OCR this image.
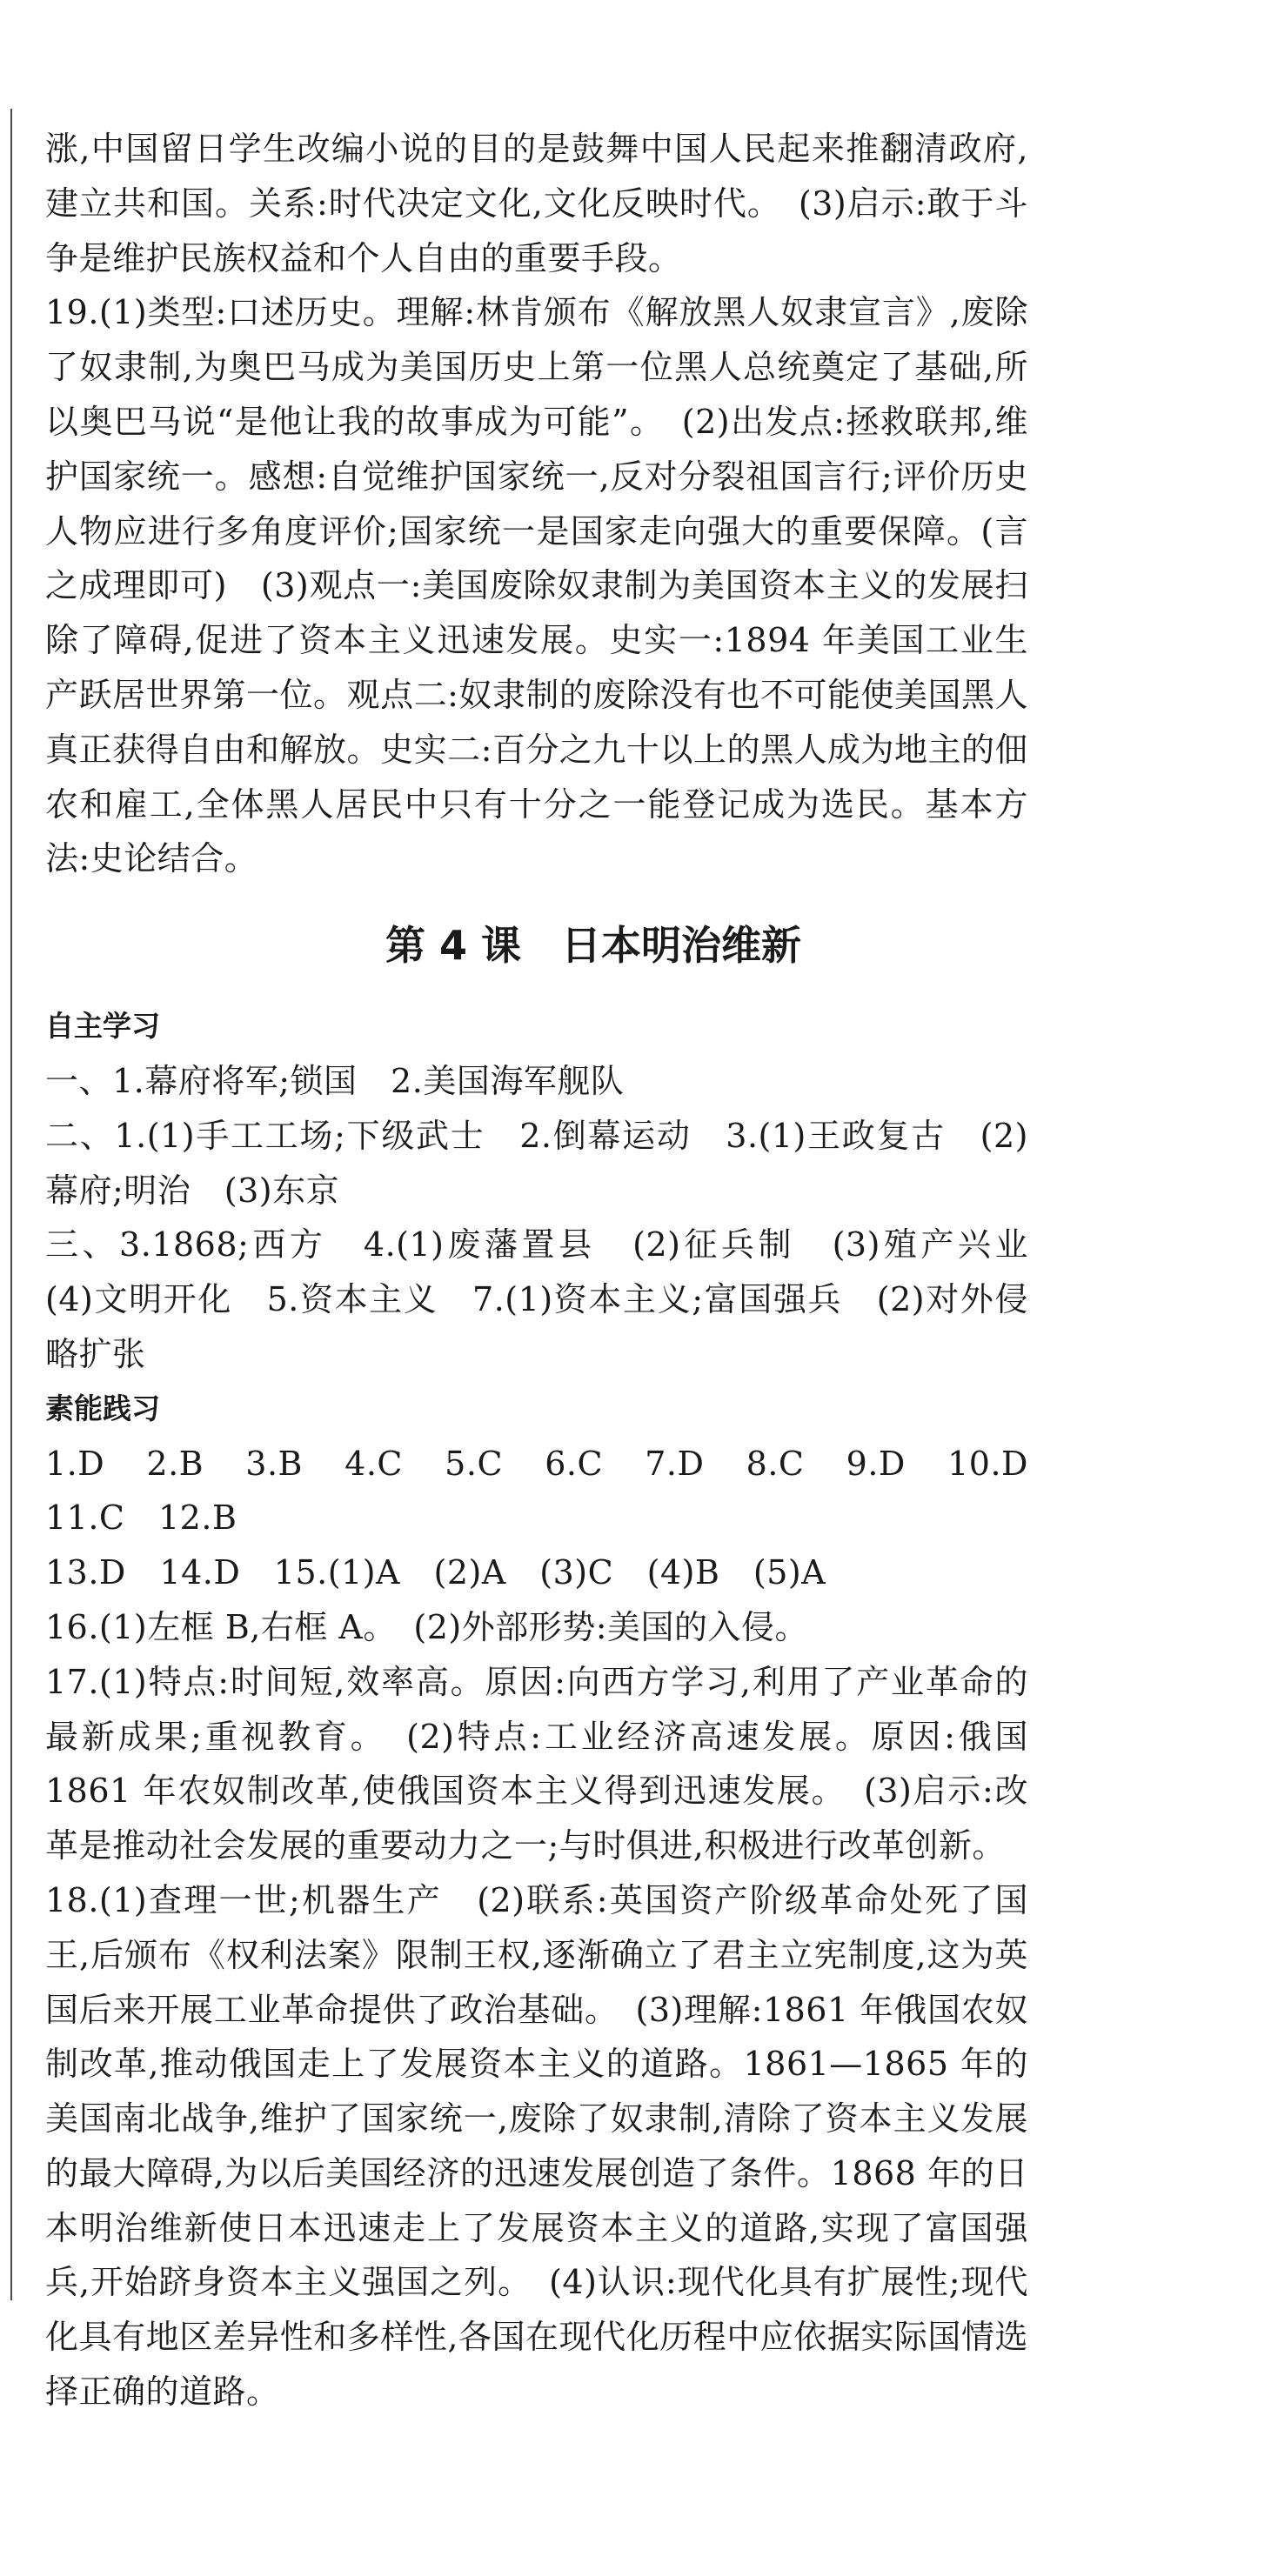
涨,中国留日学生改编小说的目的是鼓舞中国人民起来推翻清政府,建立共和国。关系:时代决定文化,文化反映时代。　(3)启示:敢于斗争是维护民族权益和个人自由的重要手段。

19.(1)类型:口述历史。理解:林肯颁布《解放黑人奴隶宣言》,废除了奴隶制,为奥巴马成为美国历史上第一位黑人总统奠定了基础,所以奥巴马说“是他让我的故事成为可能”。　(2)出发点:拯救联邦,维护国家统一。感想:自觉维护国家统一,反对分裂祖国言行;评价历史人物应进行多角度评价;国家统一是国家走向强大的重要保障。(言之成理即可)　(3)观点一:美国废除奴隶制为美国资本主义的发展扫除了障碍,促进了资本主义迅速发展。史实一:1894 年美国工业生产跃居世界第一位。观点二:奴隶制的废除没有也不可能使美国黑人真正获得自由和解放。史实二:百分之九十以上的黑人成为地主的佃农和雇工,全体黑人居民中只有十分之一能登记成为选民。基本方法:史论结合。

第 4 课　日本明治维新
自主学习

一、1.幕府将军;锁国　2.美国海军舰队

二、1.(1)手工工场;下级武士　2.倒幕运动　3.(1)王政复古　(2)幕府;明治　(3)东京

三、3.1868;西方　4.(1)废藩置县　(2)征兵制　(3)殖产兴业　(4)文明开化　5.资本主义　7.(1)资本主义;富国强兵　(2)对外侵略扩张

素能践习

1.D　2.B　3.B　4.C　5.C　6.C　7.D　8.C　9.D　10.D　11.C　12.B

13.D　14.D　15.(1)A　(2)A　(3)C　(4)B　(5)A

16.(1)左框 B,右框 A。　(2)外部形势:美国的入侵。

17.(1)特点:时间短,效率高。原因:向西方学习,利用了产业革命的最新成果;重视教育。　(2)特点:工业经济高速发展。原因:俄国 1861 年农奴制改革,使俄国资本主义得到迅速发展。　(3)启示:改革是推动社会发展的重要动力之一;与时俱进,积极进行改革创新。

18.(1)查理一世;机器生产　(2)联系:英国资产阶级革命处死了国王,后颁布《权利法案》限制王权,逐渐确立了君主立宪制度,这为英国后来开展工业革命提供了政治基础。　(3)理解:1861 年俄国农奴制改革,推动俄国走上了发展资本主义的道路。1861—1865 年的美国南北战争,维护了国家统一,废除了奴隶制,清除了资本主义发展的最大障碍,为以后美国经济的迅速发展创造了条件。1868 年的日本明治维新使日本迅速走上了发展资本主义的道路,实现了富国强兵,开始跻身资本主义强国之列。　(4)认识:现代化具有扩展性;现代化具有地区差异性和多样性,各国在现代化历程中应依据实际国情选择正确的道路。
